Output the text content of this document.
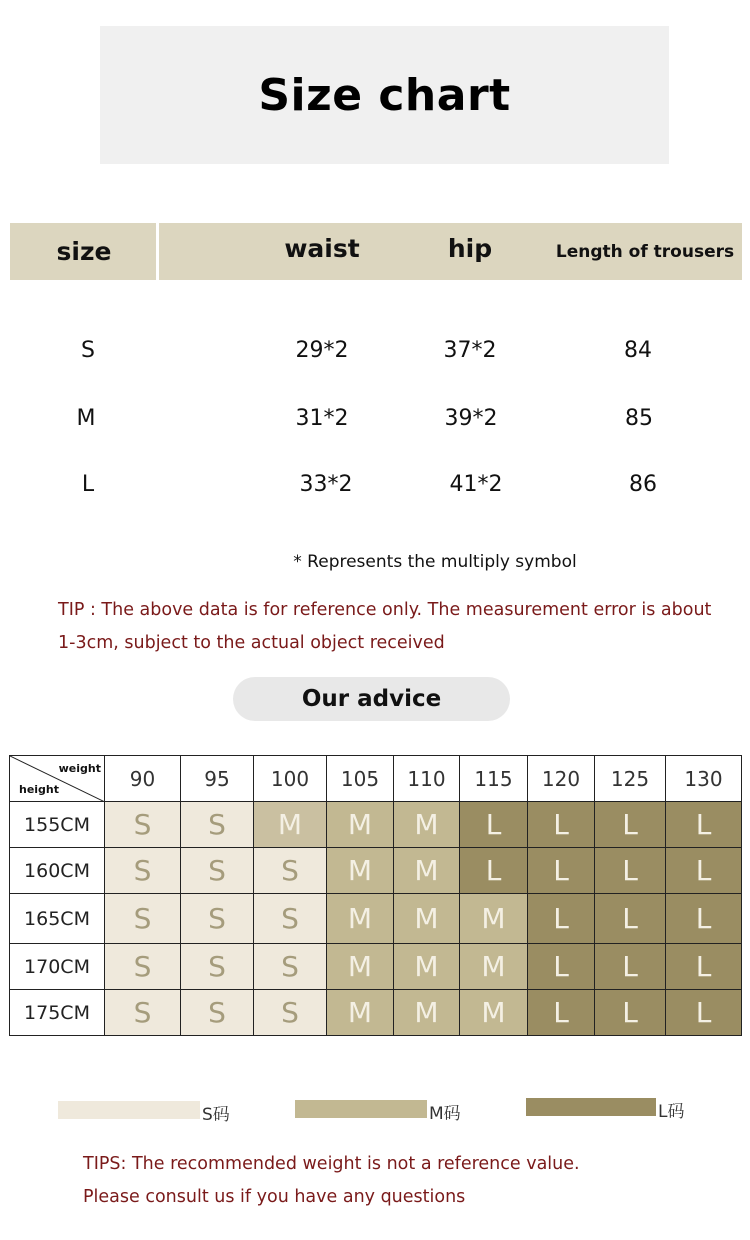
Size chart
size	waist	hip	Length of trousers
S	29*2	37*2	84
M	31*2	39*2	85
L	33*2	41*2	86
* Represents the multiply symbol
TIP : The above data is for reference only. The measurement error is about 1-3cm, subject to the actual object received
Our advice
weight
height	90	95	100	105	110	115	120	125	130
155CM	S	S	M	M	M	L	L	L	L
160CM	S	S	S	M	M	L	L	L	L
165CM	S	S	S	M	M	M	L	L	L
170CM	S	S	S	M	M	M	L	L	L
175CM	S	S	S	M	M	M	L	L	L
S码	M码	L码
TIPS: The recommended weight is not a reference value.
Please consult us if you have any questions
